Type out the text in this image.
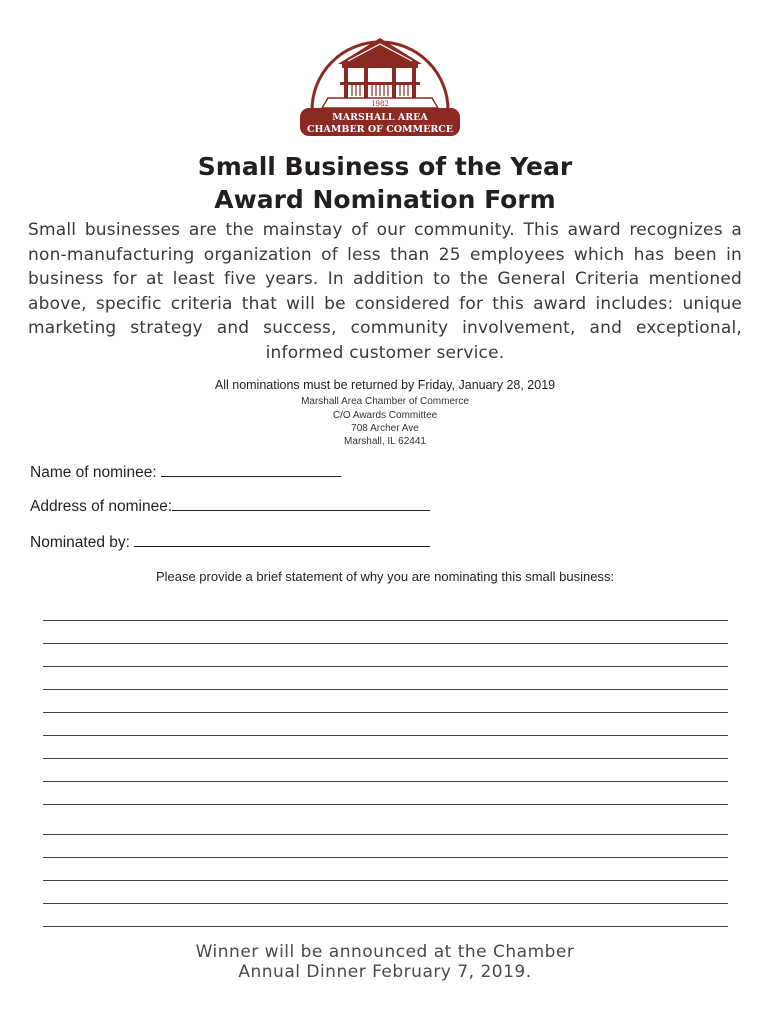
1982
MARSHALL AREA
CHAMBER OF COMMERCE
Small Business of the Year
Award Nomination Form
Small businesses are the mainstay of our community. This award recognizes a non-manufacturing organization of less than 25 employees which has been in business for at least five years. In addition to the General Criteria mentioned above, specific criteria that will be considered for this award includes: unique marketing strategy and success, community involvement, and exceptional, informed customer service.
All nominations must be returned by Friday, January 28, 2019
Marshall Area Chamber of Commerce
C/O Awards Committee
708 Archer Ave
Marshall, IL 62441
Name of nominee:
Address of nominee:
Nominated by:
Please provide a brief statement of why you are nominating this small business:
Winner will be announced at the Chamber
Annual Dinner February 7, 2019.
